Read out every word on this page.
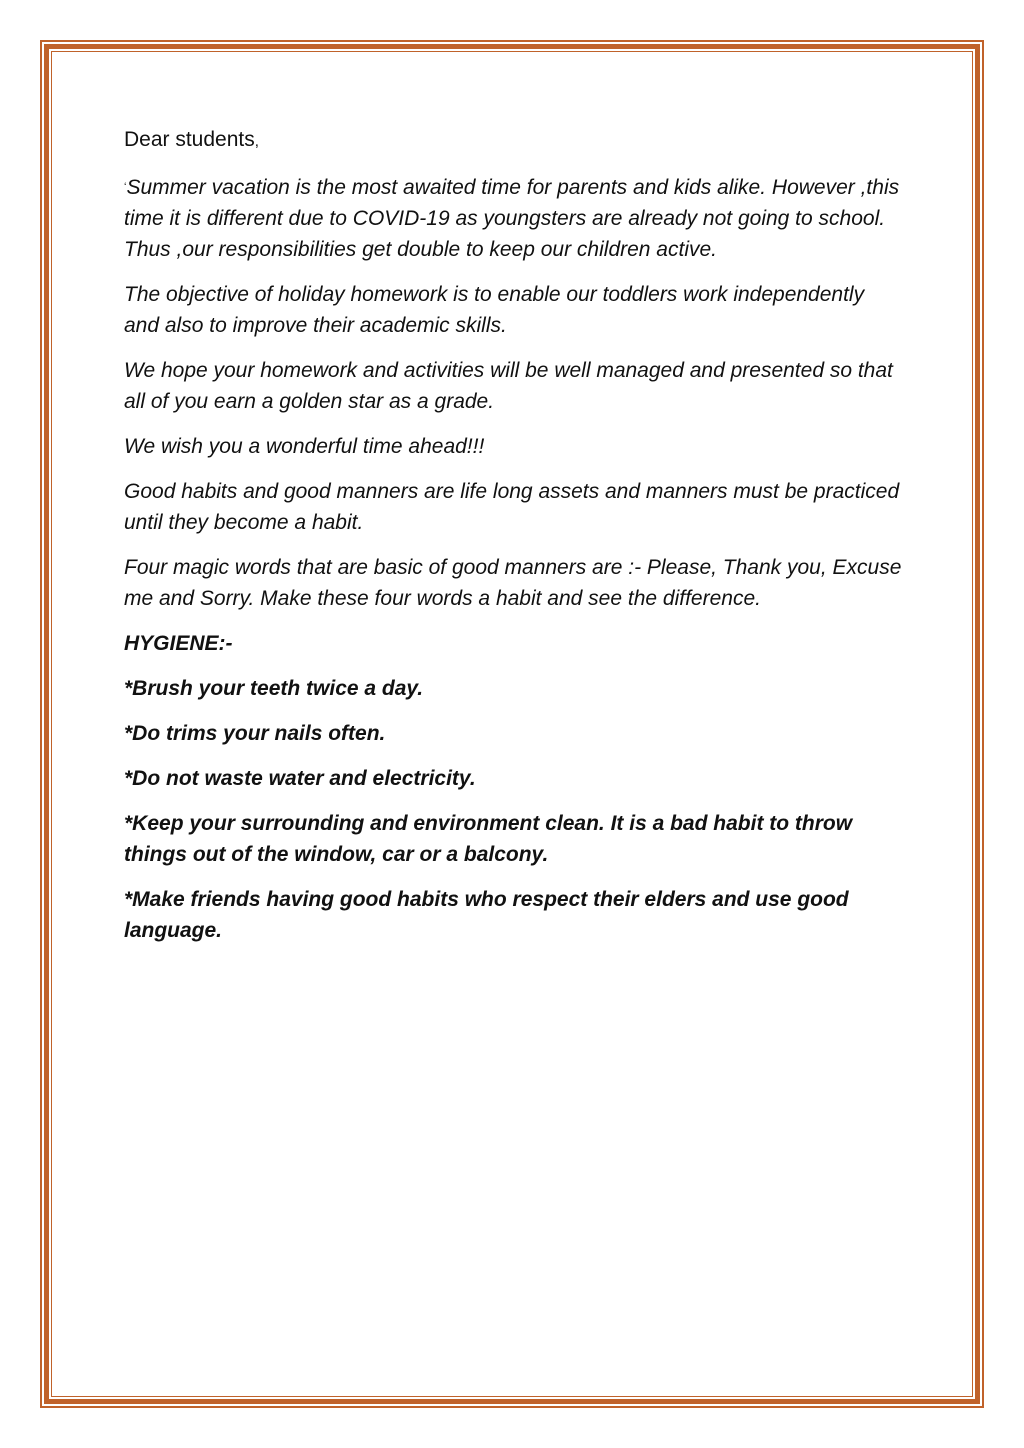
Dear students,

‘Summer vacation is the most awaited time for parents and kids alike. However ,this time it is different due to COVID-19 as youngsters are already not going to school. Thus ,our responsibilities get double to keep our children active.

The objective of holiday homework is to enable our toddlers work independently and also to improve their academic skills.

We hope your homework and activities will be well managed and presented so that all of you earn a golden star as a grade.

We wish you a wonderful time ahead!!!

Good habits and good manners are life long assets and manners must be practiced until they become a habit.

Four magic words that are basic of good manners are :- Please, Thank you, Excuse me and Sorry. Make these four words a habit and see the difference.

HYGIENE:-

*Brush your teeth twice a day.

*Do trims your nails often.

*Do not waste water and electricity.

*Keep your surrounding and environment clean. It is a bad habit to throw things out of the window, car or a balcony.

*Make friends having good habits who respect their elders and use good language.
